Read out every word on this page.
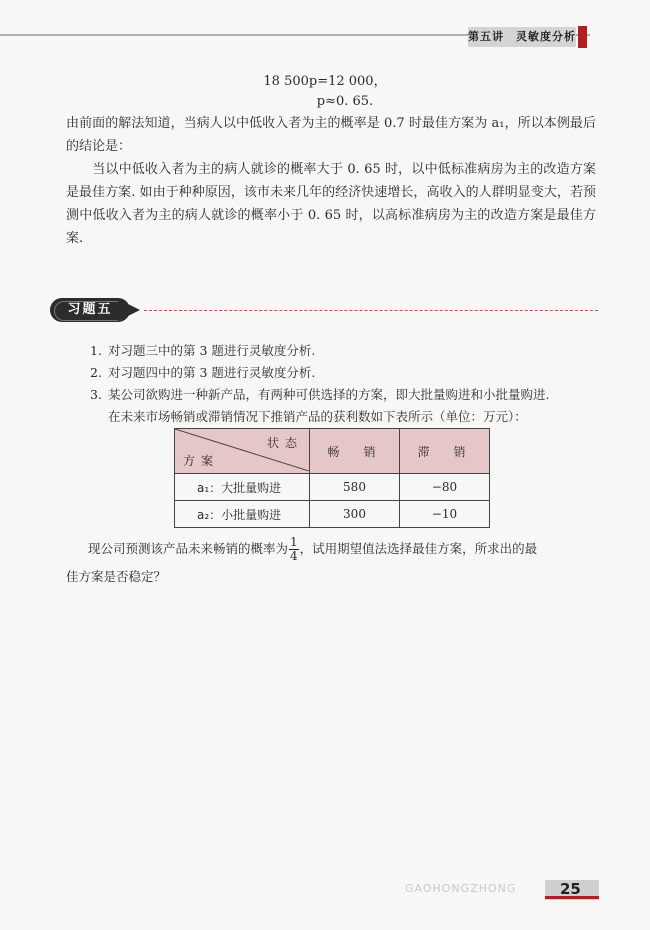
第五讲　灵敏度分析
18 500p=12 000，
p≈0. 65.
由前面的解法知道，当病人以中低收入者为主的概率是 0.7 时最佳方案为 a₁，所以本例最后的结论是：
当以中低收入者为主的病人就诊的概率大于 0. 65 时，以中低标准病房为主的改造方案是最佳方案. 如由于种种原因，该市未来几年的经济快速增长，高收入的人群明显变大，若预测中低收入者为主的病人就诊的概率小于 0. 65 时，以高标准病房为主的改造方案是最佳方案.
习题五
1. 对习题三中的第 3 题进行灵敏度分析.
2. 对习题四中的第 3 题进行灵敏度分析.
3. 某公司欲购进一种新产品，有两种可供选择的方案，即大批量购进和小批量购进.
在未来市场畅销或滞销情况下推销产品的获利数如下表所示（单位：万元）：
状态
方案	畅　销	滞　销
a₁：大批量购进	580	−80
a₂：小批量购进	300	−10
现公司预测该产品未来畅销的概率为 $\frac{1}{4}$ ，试用期望值法选择最佳方案，所求出的最
佳方案是否稳定？
GAOHONGZHONG	25
